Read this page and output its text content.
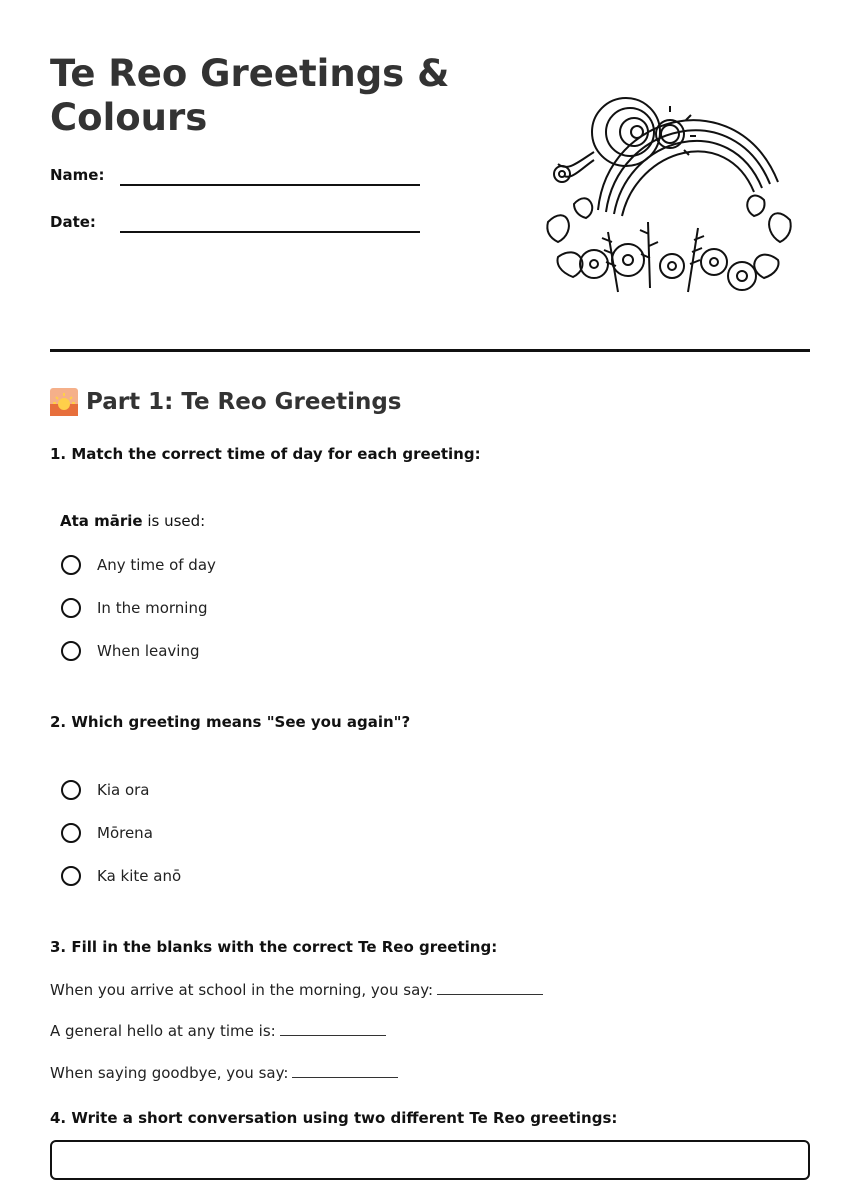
Te Reo Greetings & Colours
Name:
Date:
Part 1: Te Reo Greetings

1. Match the correct time of day for each greeting:

Ata mārie is used:
Any time of day
In the morning
When leaving

2. Which greeting means "See you again"?

Kia ora
Mōrena
Ka kite anō

3. Fill in the blanks with the correct Te Reo greeting:

When you arrive at school in the morning, you say:
A general hello at any time is:
When saying goodbye, you say:

4. Write a short conversation using two different Te Reo greetings:
